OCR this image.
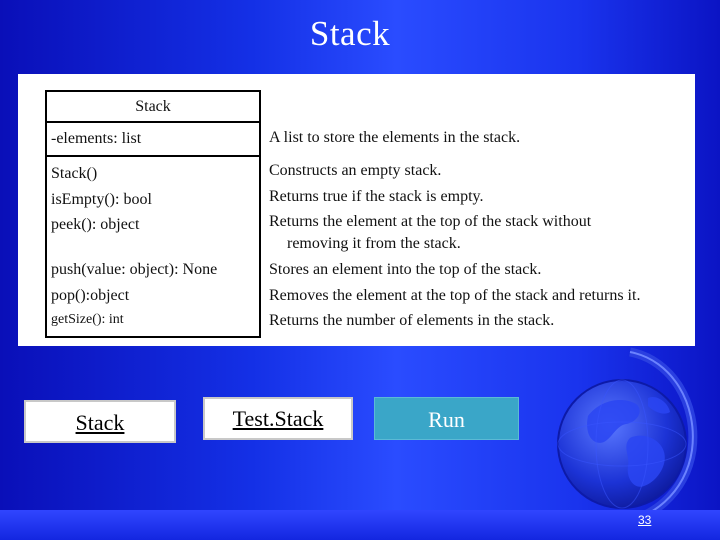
Stack
Stack
-elements: list
Stack()
isEmpty(): bool
peek(): object
push(value: object): None
pop():object
getSize(): int
A list to store the elements in the stack.
Constructs an empty stack.
Returns true if the stack is empty.
Returns the element at the top of the stack without
removing it from the stack.
Stores an element into the top of the stack.
Removes the element at the top of the stack and returns it.
Returns the number of elements in the stack.
Stack	Test.Stack	Run
33
